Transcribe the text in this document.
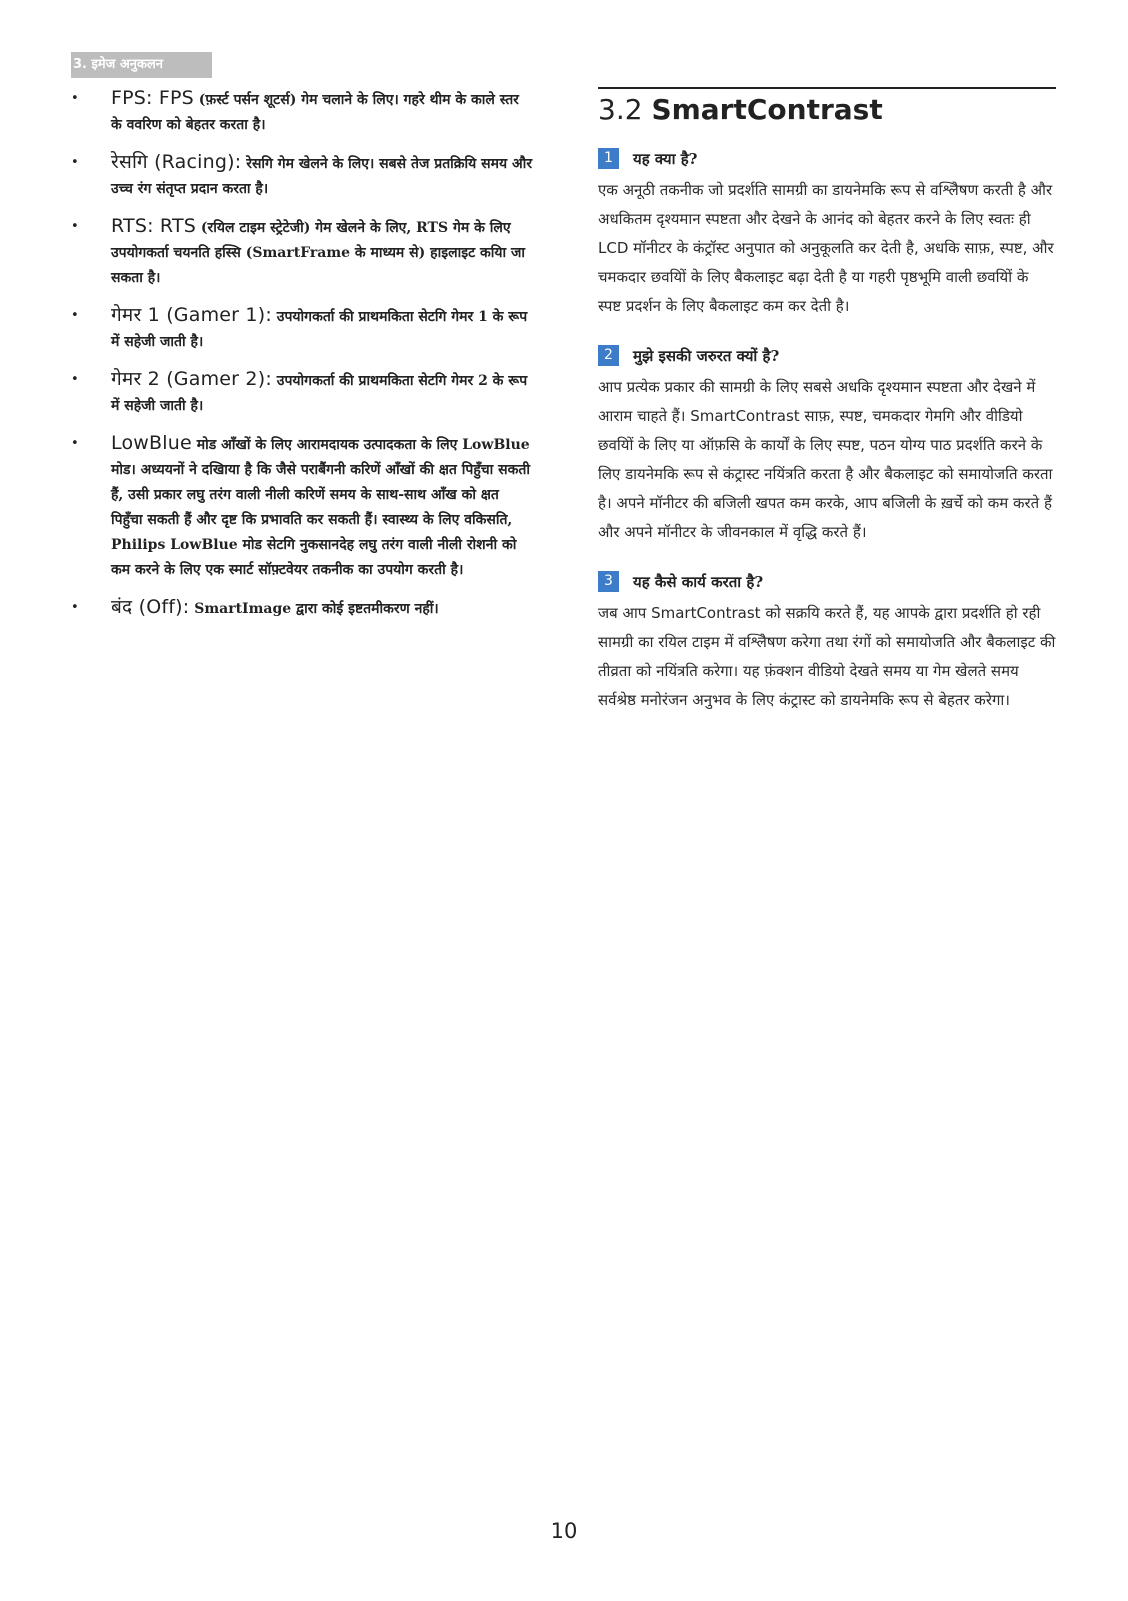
3. इमेज अनुकलन
• FPS: FPS (फ़र्स्ट पर्सन शूटर्स) गेम चलाने के लिए। गहरे थीम के काले स्तर के ववरिण को बेहतर करता है।
• रेसगि (Racing): रेसगि गेम खेलने के लिए। सबसे तेज प्रतक्रियि समय और उच्च रंग संतृप्त प्रदान करता है।
• RTS: RTS (रयिल टाइम स्ट्रेटेजी) गेम खेलने के लिए, RTS गेम के लिए उपयोगकर्ता चयनति हस्सि (SmartFrame के माध्यम से) हाइलाइट कयिा जा सकता है।
• गेमर 1 (Gamer 1): उपयोगकर्ता की प्राथमकिता सेटगि गेमर 1 के रूप में सहेजी जाती है।
• गेमर 2 (Gamer 2): उपयोगकर्ता की प्राथमकिता सेटगि गेमर 2 के रूप में सहेजी जाती है।
• LowBlue मोड आँखों के लिए आरामदायक उत्पादकता के लिए LowBlue मोड। अध्ययनों ने दखिाया है कि जैसे पराबैंगनी करिणें आँखों की क्षत पिहुँचा सकती हैं, उसी प्रकार लघु तरंग वाली नीली करिणें समय के साथ-साथ आँख को क्षत पिहुँचा सकती हैं और दृष्ट कि प्रभावति कर सकती हैं। स्वास्थ्य के लिए वकिसति, Philips LowBlue मोड सेटगि नुकसानदेह लघु तरंग वाली नीली रोशनी को कम करने के लिए एक स्मार्ट सॉफ़्टवेयर तकनीक का उपयोग करती है।
• बंद (Off): SmartImage द्वारा कोई इष्टतमीकरण नहीं।
3.2 SmartContrast
1	यह क्या है?

एक अनूठी तकनीक जो प्रदर्शति सामग्री का डायनेमकि रूप से वश्लिेषण करती है और अधकितम दृश्यमान स्पष्टता और देखने के आनंद को बेहतर करने के लिए स्वतः ही LCD मॉनीटर के कंट्रॉस्ट अनुपात को अनुकूलति कर देती है, अधकि साफ़, स्पष्ट, और चमकदार छवयिों के लिए बैकलाइट बढ़ा देती है या गहरी पृष्ठभूमि वाली छवयिों के स्पष्ट प्रदर्शन के लिए बैकलाइट कम कर देती है।

2	मुझे इसकी जरुरत क्यों है?

आप प्रत्येक प्रकार की सामग्री के लिए सबसे अधकि दृश्यमान स्पष्टता और देखने में आराम चाहते हैं। SmartContrast साफ़, स्पष्ट, चमकदार गेमगि और वीडियो छवयिों के लिए या ऑफ़सि के कार्यों के लिए स्पष्ट, पठन योग्य पाठ प्रदर्शति करने के लिए डायनेमकि रूप से कंट्रास्ट नयिंत्रति करता है और बैकलाइट को समायोजति करता है। अपने मॉनीटर की बजिली खपत कम करके, आप बजिली के ख़र्चे को कम करते हैं और अपने मॉनीटर के जीवनकाल में वृद्धि करते हैं।

3	यह कैसे कार्य करता है?

जब आप SmartContrast को सक्रयि करते हैं, यह आपके द्वारा प्रदर्शति हो रही सामग्री का रयिल टाइम में वश्लिेषण करेगा तथा रंगों को समायोजति और बैकलाइट की तीव्रता को नयिंत्रति करेगा। यह फ़ंक्शन वीडियो देखते समय या गेम खेलते समय सर्वश्रेष्ठ मनोरंजन अनुभव के लिए कंट्रास्ट को डायनेमकि रूप से बेहतर करेगा।

10
